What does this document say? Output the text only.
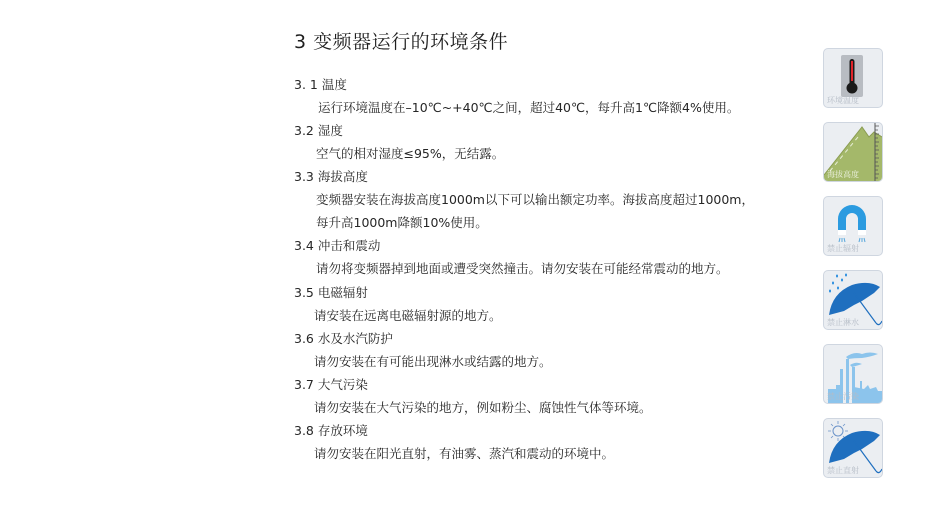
3 变频器运行的环境条件
3. 1 温度
运行环境温度在–10℃~+40℃之间，超过40℃，每升高1℃降额4%使用。
3.2 湿度
空气的相对湿度≤95%，无结露。
3.3 海拔高度
变频器安装在海拔高度1000m以下可以输出额定功率。海拔高度超过1000m，
每升高1000m降额10%使用。
3.4 冲击和震动
请勿将变频器掉到地面或遭受突然撞击。请勿安装在可能经常震动的地方。
3.5 电磁辐射
请安装在远离电磁辐射源的地方。
3.6 水及水汽防护
请勿安装在有可能出现淋水或结露的地方。
3.7 大气污染
请勿安装在大气污染的地方，例如粉尘、腐蚀性气体等环境。
3.8 存放环境
请勿安装在阳光直射，有油雾、蒸汽和震动的环境中。
环境温度
海拔高度
禁止辐射
禁止淋水
禁止污染
禁止直射
